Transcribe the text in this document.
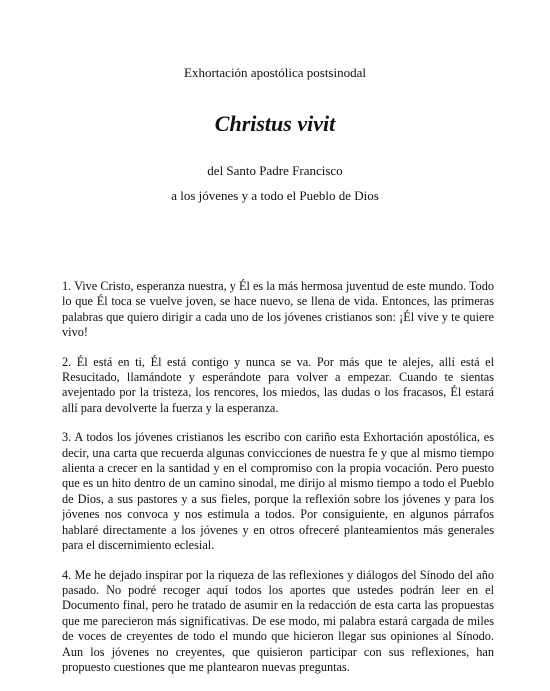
Exhortación apostólica postsinodal
Christus vivit
del Santo Padre Francisco
a los jóvenes y a todo el Pueblo de Dios

1. Vive Cristo, esperanza nuestra, y Él es la más hermosa juventud de este mundo. Todo lo que Él toca se vuelve joven, se hace nuevo, se llena de vida. Entonces, las primeras palabras que quiero dirigir a cada uno de los jóvenes cristianos son: ¡Él vive y te quiere vivo!

2. Él está en ti, Él está contigo y nunca se va. Por más que te alejes, allí está el Resucitado, llamándote y esperándote para volver a empezar. Cuando te sientas avejentado por la tristeza, los rencores, los miedos, las dudas o los fracasos, Él estará allí para devolverte la fuerza y la esperanza.

3. A todos los jóvenes cristianos les escribo con cariño esta Exhortación apostólica, es decir, una carta que recuerda algunas convicciones de nuestra fe y que al mismo tiempo alienta a crecer en la santidad y en el compromiso con la propia vocación. Pero puesto que es un hito dentro de un camino sinodal, me dirijo al mismo tiempo a todo el Pueblo de Dios, a sus pastores y a sus fieles, porque la reflexión sobre los jóvenes y para los jóvenes nos convoca y nos estimula a todos. Por consiguiente, en algunos párrafos hablaré directamente a los jóvenes y en otros ofreceré planteamientos más generales para el discernimiento eclesial.

4. Me he dejado inspirar por la riqueza de las reflexiones y diálogos del Sínodo del año pasado. No podré recoger aquí todos los aportes que ustedes podrán leer en el Documento final, pero he tratado de asumir en la redacción de esta carta las propuestas que me parecieron más significativas. De ese modo, mi palabra estará cargada de miles de voces de creyentes de todo el mundo que hicieron llegar sus opiniones al Sínodo. Aun los jóvenes no creyentes, que quisieron participar con sus reflexiones, han propuesto cuestiones que me plantearon nuevas preguntas.
